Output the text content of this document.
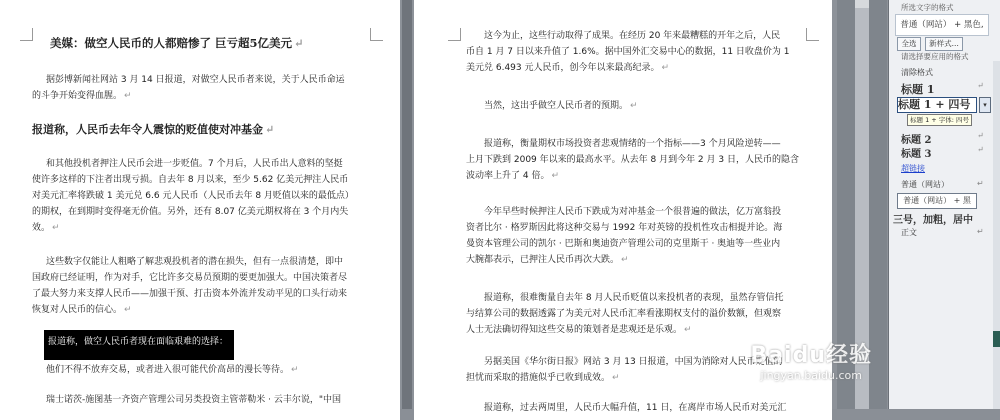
美媒：做空人民币的人都赔惨了 巨亏超5亿美元 ↵
据彭博新闻社网站 3 月 14 日报道，对做空人民币者来说，关于人民币命运
的斗争开始变得血腥。 ↵
报道称，人民币去年令人震惊的贬值使对冲基金 ↵
和其他投机者押注人民币会进一步贬值。7 个月后，人民币出人意料的坚挺
使许多这样的下注者出现亏损。自去年 8 月以来，至少 5.62 亿美元押注人民币
对美元汇率将跌破 1 美元兑 6.6 元人民币（人民币去年 8 月贬值以来的最低点）
的期权，在到期时变得毫无价值。另外，还有 8.07 亿美元期权将在 3 个月内失
效。 ↵
这些数字仅能让人粗略了解悲观投机者的潜在损失，但有一点很清楚，即中
国政府已经证明，作为对手，它比许多交易员预期的要更加强大。中国决策者尽
了最大努力来支撑人民币——加强干预、打击资本外流并发动平见的口头行动来
恢复对人民币的信心。 ↵
报道称，做空人民币者现在面临艰难的选择：
他们不得不放弃交易，或者进入很可能代价高昂的漫长等待。 ↵
瑞士诺茨-施图基一齐资产管理公司另类投资主管蒂勒米 · 云丰尔说，"中国
这今为止，这些行动取得了成果。在经历 20 年来最糟糕的开年之后，人民
币自 1 月 7 日以来升值了 1.6%。据中国外汇交易中心的数据，11 日收盘价为 1
美元兑 6.493 元人民币，创今年以来最高纪录。 ↵
当然，这出乎做空人民币者的预期。 ↵
报道称，衡量期权市场投资者悲观情绪的一个指标——3 个月风险逆转——
上月下跌到 2009 年以来的最高水平。从去年 8 月到今年 2 月 3 日，人民币的隐含
波动率上升了 4 倍。 ↵
今年早些时候押注人民币下跌成为对冲基金一个很普遍的做法，亿万富翁投
资者比尔 · 格罗斯因此将这种交易与 1992 年对英镑的投机性攻击相提并论。海
曼资本管理公司的凯尔 · 巴斯和奥迪资产管理公司的克里斯干 · 奥迪等一些业内
大腕都表示，已押注人民币再次大跌。 ↵
报道称，很难衡量自去年 8 月人民币贬值以来投机者的表现，虽然存管信托
与结算公司的数据透露了为美元对人民币汇率看涨期权支付的溢价数额，但观察
人士无法确切得知这些交易的策划者是悲观还是乐观。 ↵
另据美国《华尔街日报》网站 3 月 13 日报道，中国为消除对人民币贬值的
担忧而采取的措施似乎已收到成效。 ↵
报道称，过去两周里，人民币大幅升值，11 日，在离岸市场人民币对美元汇
Baidu经验
jingyan.baidu.com
所选文字的格式
普通（网站） + 黑色,
全选	新样式...
请选择要应用的格式
清除格式
标题 1	↵
标题 1 + 四号	▾
标题 2	↵
标题 3	↵
超链接
普通（网站）	↵
普通（网站） + 黑
三号，加粗，居中
正文	↵
标题 1 + 字体: 四号
